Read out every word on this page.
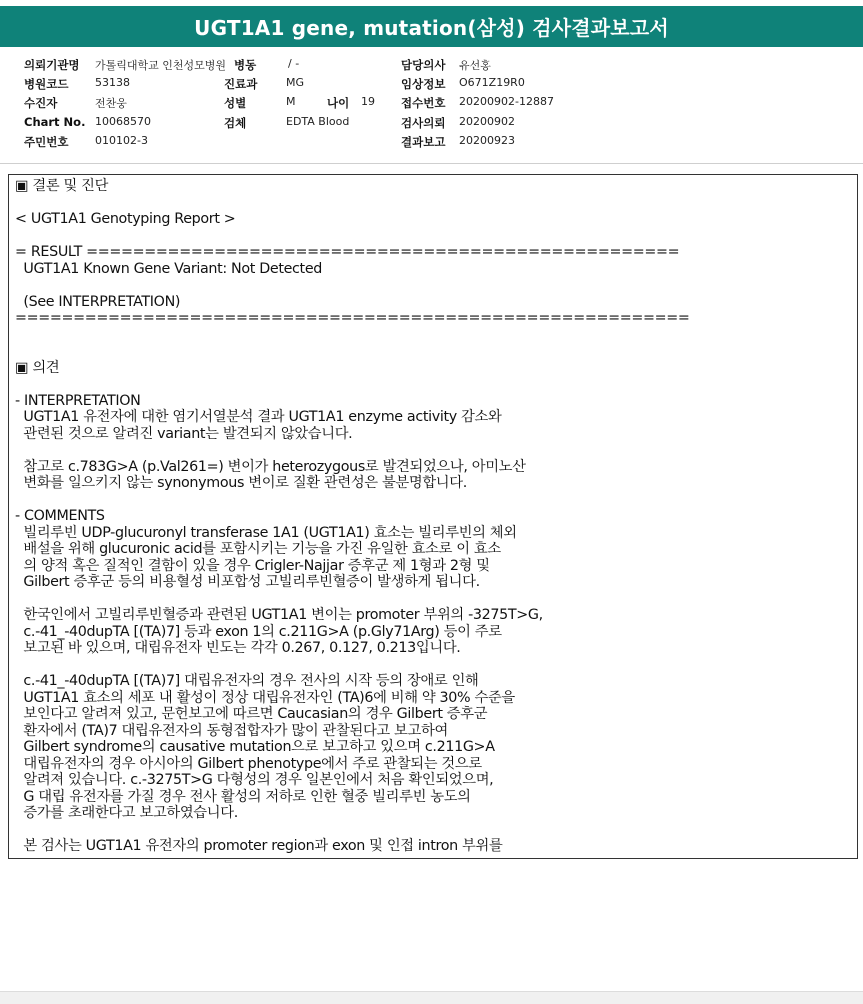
UGT1A1 gene, mutation(삼성) 검사결과보고서
의뢰기관명 가톨릭대학교 인천성모병원
병원코드 53138
수진자	전찬웅
Chart No. 10068570
주민번호 010102-3
병동	/ -
진료과	MG
성별	M	나이 19
검체	EDTA Blood
담당의사 유선홍
임상정보 O671Z19R0
접수번호 20200902-12887
검사의뢰 20200902
결과보고 20200923
▣ 결론 및 진단
< UGT1A1 Genotyping Report >
= RESULT ===================================================
UGT1A1 Known Gene Variant: Not Detected
(See INTERPRETATION)
==========================================================
▣ 의견
- INTERPRETATION
UGT1A1 유전자에 대한 염기서열분석 결과 UGT1A1 enzyme activity 감소와
관련된 것으로 알려진 variant는 발견되지 않았습니다.
참고로 c.783G>A (p.Val261=) 변이가 heterozygous로 발견되었으나, 아미노산
변화를 일으키지 않는 synonymous 변이로 질환 관련성은 불분명합니다.
- COMMENTS
빌리루빈 UDP-glucuronyl transferase 1A1 (UGT1A1) 효소는 빌리루빈의 체외
배설을 위해 glucuronic acid를 포함시키는 기능을 가진 유일한 효소로 이 효소
의 양적 혹은 질적인 결함이 있을 경우 Crigler-Najjar 증후군 제 1형과 2형 및
Gilbert 증후군 등의 비용혈성 비포합성 고빌리루빈혈증이 발생하게 됩니다.
한국인에서 고빌리루빈혈증과 관련된 UGT1A1 변이는 promoter 부위의 -3275T>G,
c.-41_-40dupTA [(TA)7] 등과 exon 1의 c.211G>A (p.Gly71Arg) 등이 주로
보고된 바 있으며, 대립유전자 빈도는 각각 0.267, 0.127, 0.213입니다.
c.-41_-40dupTA [(TA)7] 대립유전자의 경우 전사의 시작 등의 장애로 인해
UGT1A1 효소의 세포 내 활성이 정상 대립유전자인 (TA)6에 비해 약 30% 수준을
보인다고 알려져 있고, 문헌보고에 따르면 Caucasian의 경우 Gilbert 증후군
환자에서 (TA)7 대립유전자의 동형접합자가 많이 관찰된다고 보고하여
Gilbert syndrome의 causative mutation으로 보고하고 있으며 c.211G>A
대립유전자의 경우 아시아의 Gilbert phenotype에서 주로 관찰되는 것으로
알려져 있습니다. c.-3275T>G 다형성의 경우 일본인에서 처음 확인되었으며,
G 대립 유전자를 가질 경우 전사 활성의 저하로 인한 혈중 빌리루빈 농도의
증가를 초래한다고 보고하였습니다.
본 검사는 UGT1A1 유전자의 promoter region과 exon 및 인접 intron 부위를
